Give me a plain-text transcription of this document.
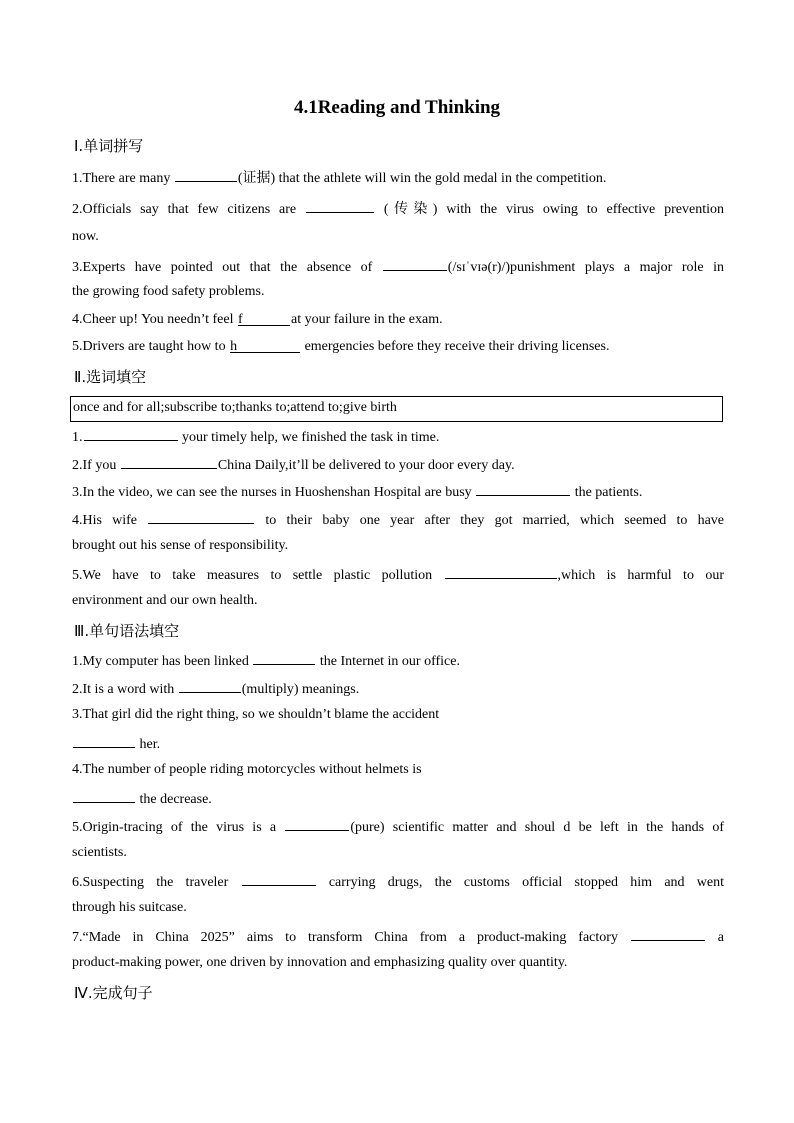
4.1Reading and Thinking
Ⅰ.单词拼写
1.There are many	(证据) that the athlete will win the gold medal in the competition.
2.Officials say that few citizens are	(传染) with the virus owing to effective prevention
now.
3.Experts have pointed out that the absence of	(/sɪˈvɪə(r)/)punishment plays a major role in
the growing food safety problems.
4.Cheer up! You needn’t feel f	at your failure in the exam.
5.Drivers are taught how to h	emergencies before they receive their driving licenses.
Ⅱ.选词填空
once and for all;subscribe to;thanks to;attend to;give birth
1.	your timely help, we finished the task in time.
2.If you	China Daily,it’ll be delivered to your door every day.
3.In the video, we can see the nurses in Huoshenshan Hospital are busy	the patients.
4.His wife	to their baby one year after they got married, which seemed to have
brought out his sense of responsibility.
5.We have to take measures to settle plastic pollution	,which is harmful to our
environment and our own health.
Ⅲ.单句语法填空
1.My computer has been linked	the Internet in our office.
2.It is a word with	(multiply) meanings.
3.That girl did the right thing, so we shouldn’t blame the accident
her.
4.The number of people riding motorcycles without helmets is
the decrease.
5.Origin-tracing of the virus is a	(pure) scientific matter and shoul d be left in the hands of
scientists.
6.Suspecting the traveler	carrying drugs, the customs official stopped him and went
through his suitcase.
7.“Made in China 2025” aims to transform China from a product-making factory	a
product-making power, one driven by innovation and emphasizing quality over quantity.
Ⅳ.完成句子
